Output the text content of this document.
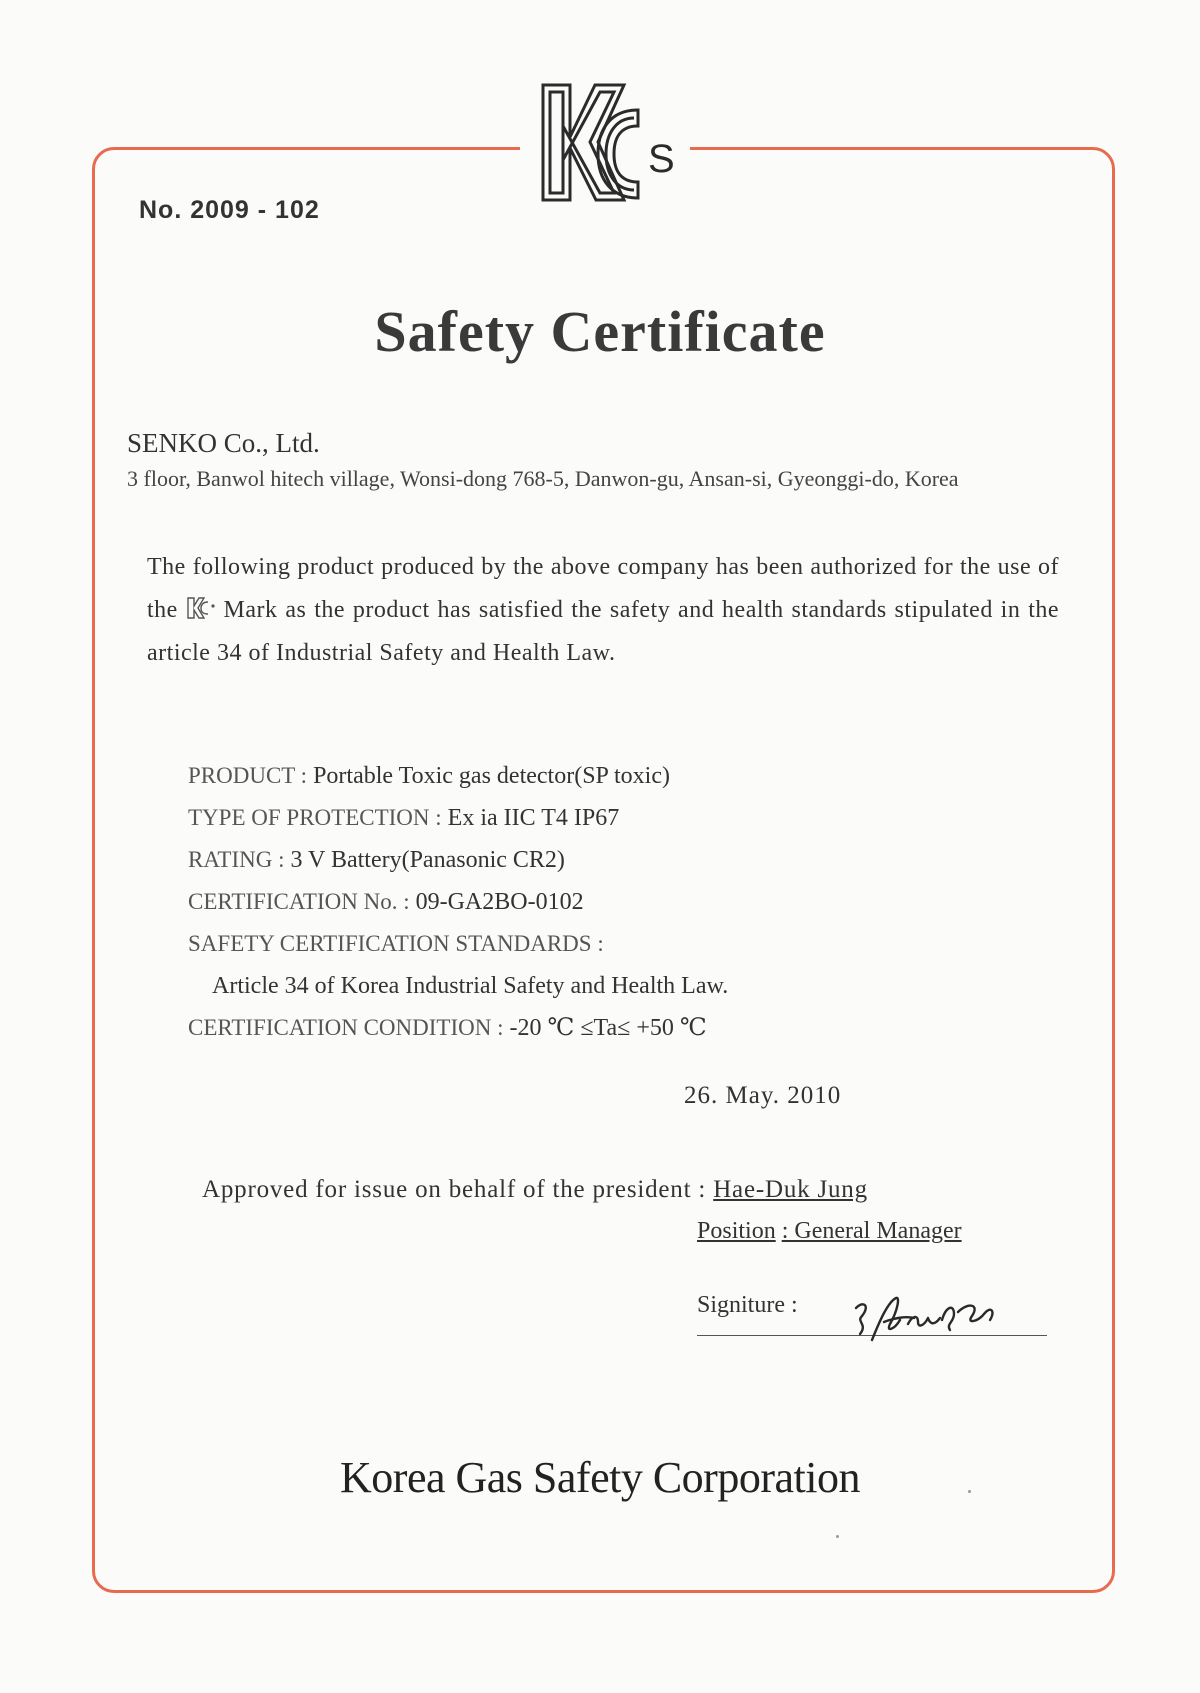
S
No. 2009 - 102
Safety Certificate
SENKO Co., Ltd.
3 floor, Banwol hitech village, Wonsi-dong 768-5, Danwon-gu, Ansan-si, Gyeonggi-do, Korea
The following product produced by the above company has been authorized for the use of the Mark as the product has satisfied the safety and health standards stipulated in the article 34 of Industrial Safety and Health Law.
PRODUCT : Portable Toxic gas detector(SP toxic)
TYPE OF PROTECTION : Ex ia IIC T4 IP67
RATING : 3 V Battery(Panasonic CR2)
CERTIFICATION No. : 09-GA2BO-0102
SAFETY CERTIFICATION STANDARDS :
Article 34 of Korea Industrial Safety and Health Law.
CERTIFICATION CONDITION : -20 ℃ ≤Ta≤ +50 ℃
26. May. 2010
Approved for issue on behalf of the president : Hae-Duk Jung
Position : General Manager
Signiture :
Korea Gas Safety Corporation
